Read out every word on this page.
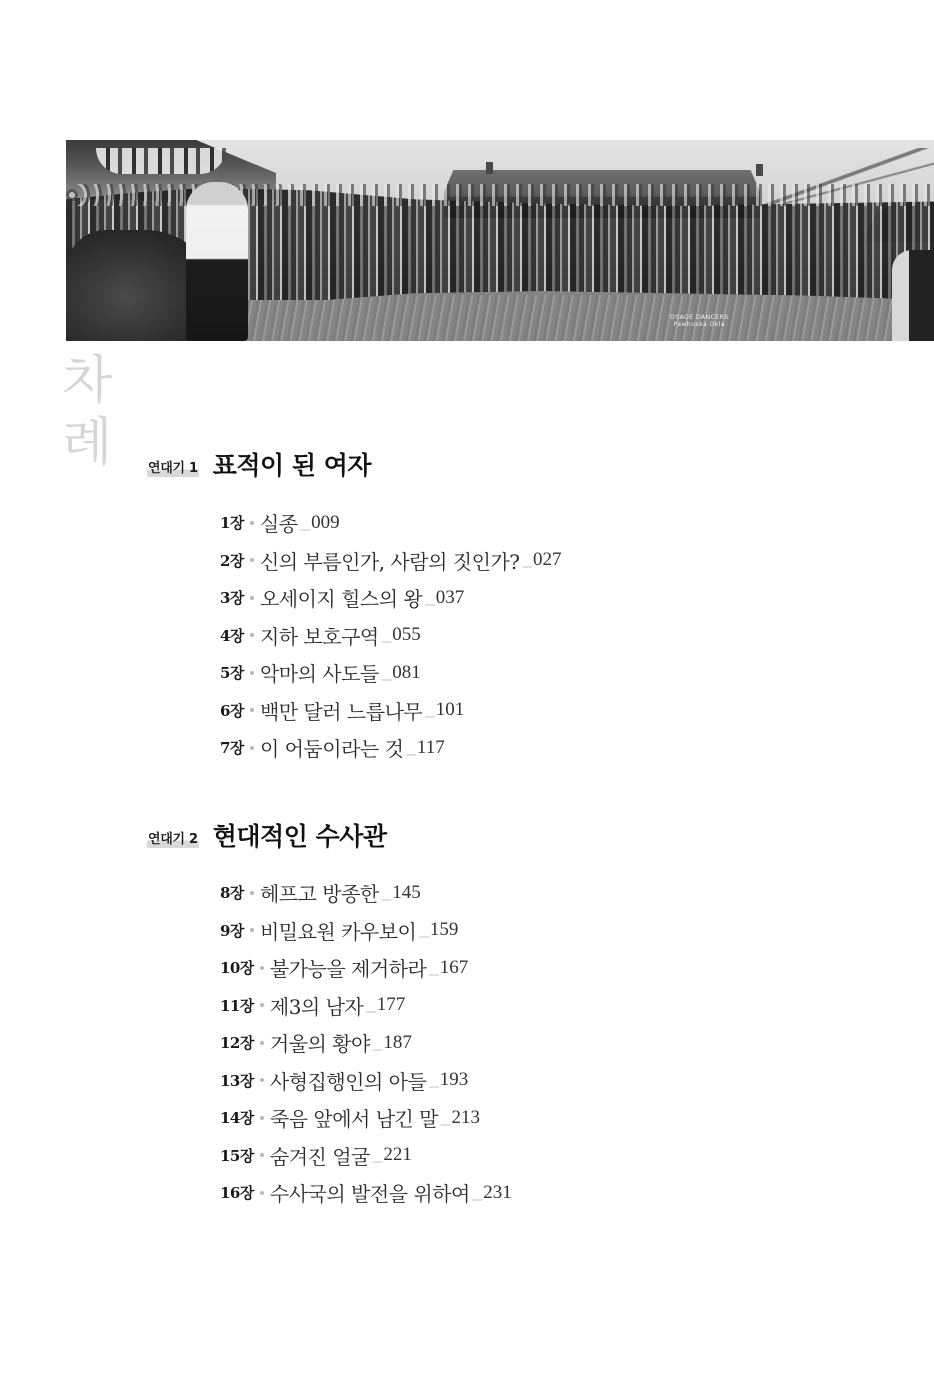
OSAGE DANCERS
Pawhuska Okla
차
례	연대기 1 표적이 된 여자
1장 실종 _ 009
2장 신의 부름인가, 사람의 짓인가? _ 027
3장 오세이지 힐스의 왕 _ 037
4장 지하 보호구역 _ 055
5장 악마의 사도들 _ 081
6장 백만 달러 느릅나무 _ 101
7장 이 어둠이라는 것 _ 117
연대기 2 현대적인 수사관
8장 헤프고 방종한 _ 145
9장 비밀요원 카우보이 _ 159
10장 불가능을 제거하라 _ 167
11장 제3의 남자 _ 177
12장 거울의 황야 _ 187
13장 사형집행인의 아들 _ 193
14장 죽음 앞에서 남긴 말 _ 213
15장 숨겨진 얼굴 _ 221
16장 수사국의 발전을 위하여 _ 231
